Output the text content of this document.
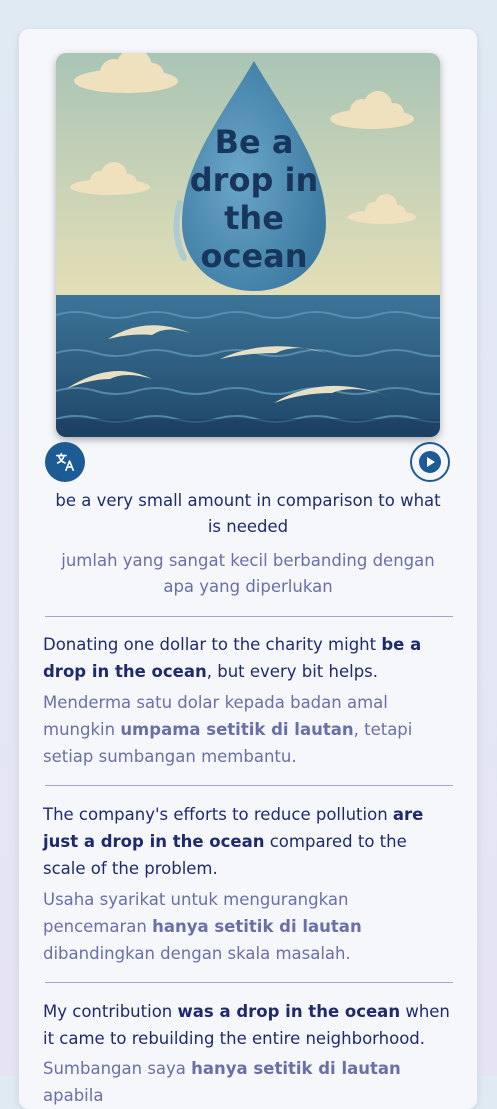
Be a
drop in
the
ocean
be a very small amount in comparison to what is needed
jumlah yang sangat kecil berbanding dengan apa yang diperlukan
Donating one dollar to the charity might be a drop in the ocean, but every bit helps.
Menderma satu dolar kepada badan amal mungkin umpama setitik di lautan, tetapi setiap sumbangan membantu.
The company's efforts to reduce pollution are just a drop in the ocean compared to the scale of the problem.
Usaha syarikat untuk mengurangkan pencemaran hanya setitik di lautan dibandingkan dengan skala masalah.
My contribution was a drop in the ocean when it came to rebuilding the entire neighborhood.
Sumbangan saya hanya setitik di lautan apabila
